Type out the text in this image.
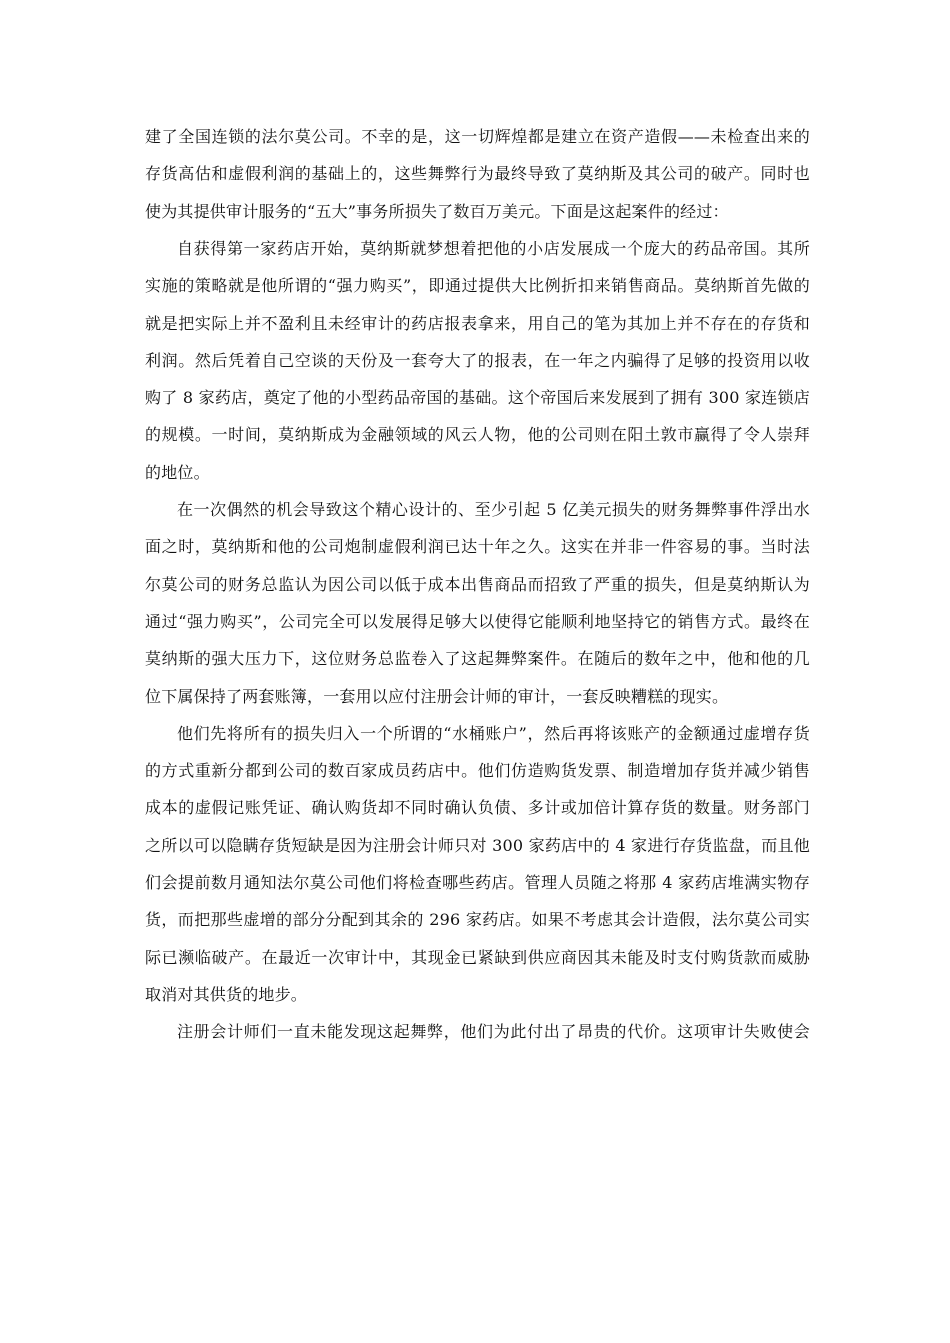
建了全国连锁的法尔莫公司。不幸的是，这一切辉煌都是建立在资产造假——未检查出来的
存货高估和虚假利润的基础上的，这些舞弊行为最终导致了莫纳斯及其公司的破产。同时也
使为其提供审计服务的“五大”事务所损失了数百万美元。下面是这起案件的经过：
自获得第一家药店开始，莫纳斯就梦想着把他的小店发展成一个庞大的药品帝国。其所
实施的策略就是他所谓的“强力购买”，即通过提供大比例折扣来销售商品。莫纳斯首先做的
就是把实际上并不盈利且未经审计的药店报表拿来，用自己的笔为其加上并不存在的存货和
利润。然后凭着自己空谈的天份及一套夸大了的报表，在一年之内骗得了足够的投资用以收
购了 8 家药店，奠定了他的小型药品帝国的基础。这个帝国后来发展到了拥有 300 家连锁店
的规模。一时间，莫纳斯成为金融领域的风云人物，他的公司则在阳土敦市赢得了令人崇拜
的地位。
在一次偶然的机会导致这个精心设计的、至少引起 5 亿美元损失的财务舞弊事件浮出水
面之时，莫纳斯和他的公司炮制虚假利润已达十年之久。这实在并非一件容易的事。当时法
尔莫公司的财务总监认为因公司以低于成本出售商品而招致了严重的损失，但是莫纳斯认为
通过“强力购买”，公司完全可以发展得足够大以使得它能顺利地坚持它的销售方式。最终在
莫纳斯的强大压力下，这位财务总监卷入了这起舞弊案件。在随后的数年之中，他和他的几
位下属保持了两套账簿，一套用以应付注册会计师的审计，一套反映糟糕的现实。
他们先将所有的损失归入一个所谓的“水桶账户”，然后再将该账产的金额通过虚增存货
的方式重新分都到公司的数百家成员药店中。他们仿造购货发票、制造增加存货并减少销售
成本的虚假记账凭证、确认购货却不同时确认负债、多计或加倍计算存货的数量。财务部门
之所以可以隐瞒存货短缺是因为注册会计师只对 300 家药店中的 4 家进行存货监盘，而且他
们会提前数月通知法尔莫公司他们将检查哪些药店。管理人员随之将那 4 家药店堆满实物存
货，而把那些虚增的部分分配到其余的 296 家药店。如果不考虑其会计造假，法尔莫公司实
际已濒临破产。在最近一次审计中，其现金已紧缺到供应商因其未能及时支付购货款而威胁
取消对其供货的地步。
注册会计师们一直未能发现这起舞弊，他们为此付出了昂贵的代价。这项审计失败使会
